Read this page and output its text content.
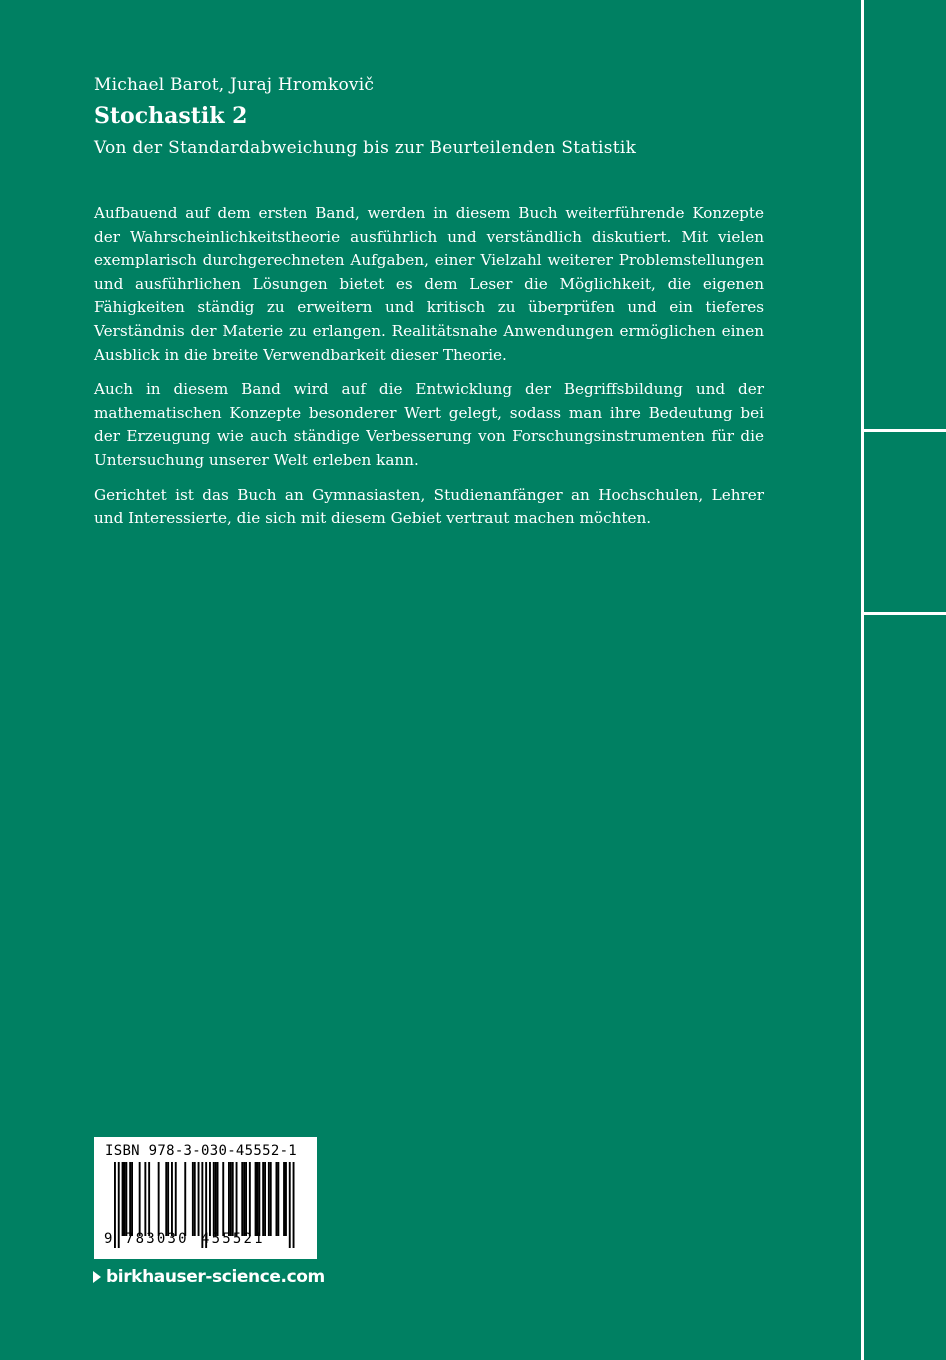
Michael Barot, Juraj Hromkovič
Stochastik 2
Von der Standardabweichung bis zur Beurteilenden Statistik

Aufbauend auf dem ersten Band, werden in diesem Buch weiterführende Konzepte der Wahrscheinlichkeitstheorie ausführlich und verständlich diskutiert. Mit vielen exemplarisch durchgerechneten Aufgaben, einer Vielzahl weiterer Problemstellungen und ausführlichen Lösungen bietet es dem Leser die Möglichkeit, die eigenen Fähigkeiten ständig zu erweitern und kritisch zu überprüfen und ein tieferes Verständnis der Materie zu erlangen. Realitätsnahe Anwendungen ermöglichen einen Ausblick in die breite Verwendbarkeit dieser Theorie.

Auch in diesem Band wird auf die Entwicklung der Begriffsbildung und der mathematischen Konzepte besonderer Wert gelegt, sodass man ihre Bedeutung bei der Erzeugung wie auch ständige Verbesserung von Forschungsinstrumenten für die Untersuchung unserer Welt erleben kann.

Gerichtet ist das Buch an Gymnasiasten, Studienanfänger an Hochschulen, Lehrer und Interessierte, die sich mit diesem Gebiet vertraut machen möchten.

ISBN 978-3-030-45552-1
9 783030 455521
birkhauser-science.com
